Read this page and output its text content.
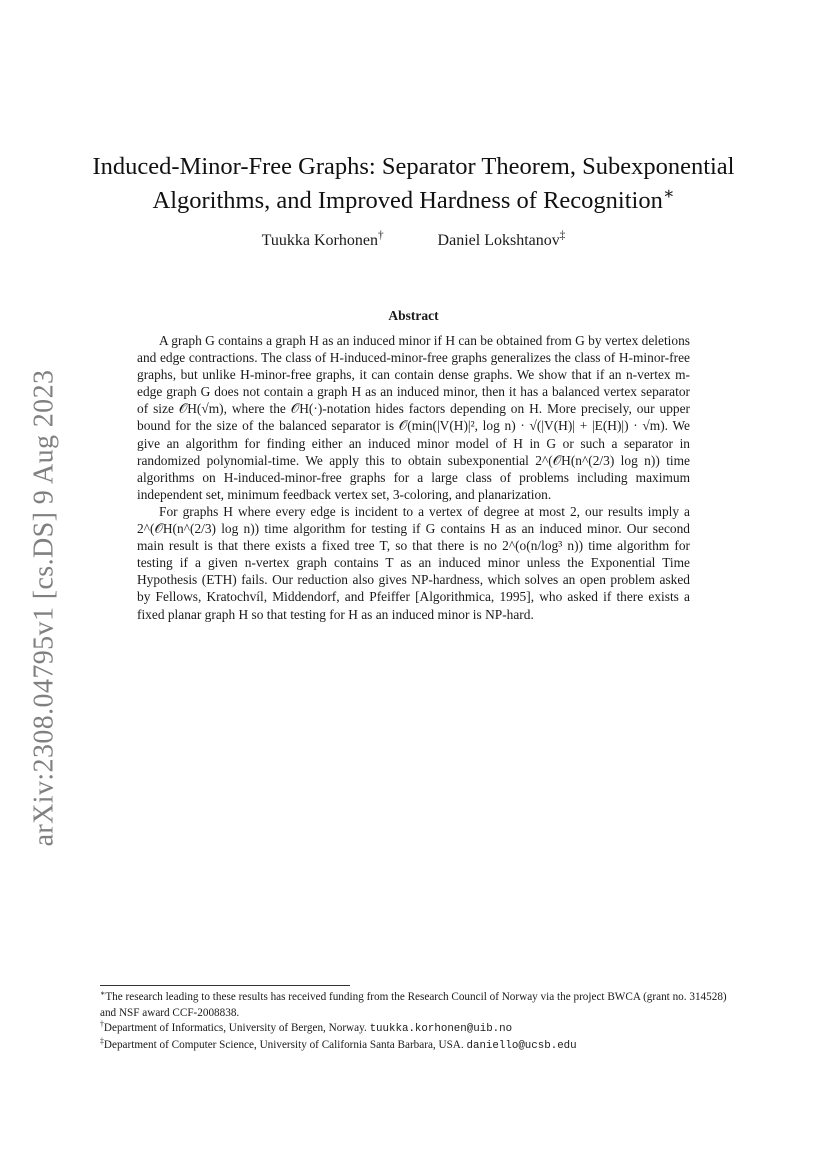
arXiv:2308.04795v1 [cs.DS] 9 Aug 2023
Induced-Minor-Free Graphs: Separator Theorem, Subexponential
Algorithms, and Improved Hardness of Recognition∗
Tuukka Korhonen†	Daniel Lokshtanov‡
Abstract

A graph G contains a graph H as an induced minor if H can be obtained from G by vertex deletions and edge contractions. The class of H-induced-minor-free graphs generalizes the class of H-minor-free graphs, but unlike H-minor-free graphs, it can contain dense graphs. We show that if an n-vertex m-edge graph G does not contain a graph H as an induced minor, then it has a balanced vertex separator of size 𝒪H(√m), where the 𝒪H(·)-notation hides factors depending on H. More precisely, our upper bound for the size of the balanced separator is 𝒪(min(|V(H)|², log n) · √(|V(H)| + |E(H)|) · √m). We give an algorithm for finding either an induced minor model of H in G or such a separator in randomized polynomial-time. We apply this to obtain subexponential 2^(𝒪H(n^(2/3) log n)) time algorithms on H-induced-minor-free graphs for a large class of problems including maximum independent set, minimum feedback vertex set, 3-coloring, and planarization.

For graphs H where every edge is incident to a vertex of degree at most 2, our results imply a 2^(𝒪H(n^(2/3) log n)) time algorithm for testing if G contains H as an induced minor. Our second main result is that there exists a fixed tree T, so that there is no 2^(o(n/log³ n)) time algorithm for testing if a given n-vertex graph contains T as an induced minor unless the Exponential Time Hypothesis (ETH) fails. Our reduction also gives NP-hardness, which solves an open problem asked by Fellows, Kratochvíl, Middendorf, and Pfeiffer [Algorithmica, 1995], who asked if there exists a fixed planar graph H so that testing for H as an induced minor is NP-hard.

∗The research leading to these results has received funding from the Research Council of Norway via the project BWCA (grant no. 314528) and NSF award CCF-2008838.
†Department of Informatics, University of Bergen, Norway. tuukka.korhonen@uib.no
‡Department of Computer Science, University of California Santa Barbara, USA. daniello@ucsb.edu
